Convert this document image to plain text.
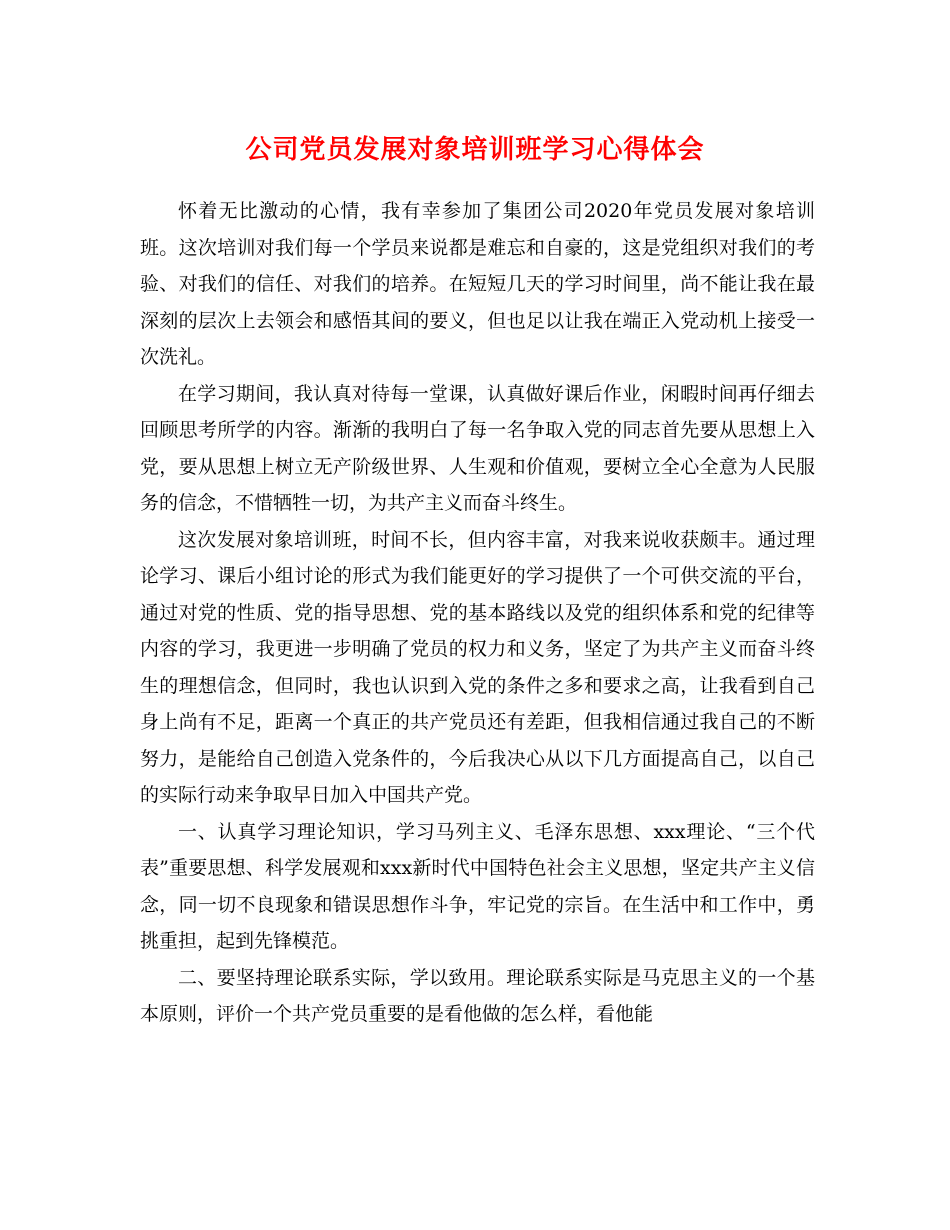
公司党员发展对象培训班学习心得体会

怀着无比激动的心情，我有幸参加了集团公司2020年党员发展对象培训班。这次培训对我们每一个学员来说都是难忘和自豪的，这是党组织对我们的考验、对我们的信任、对我们的培养。在短短几天的学习时间里，尚不能让我在最深刻的层次上去领会和感悟其间的要义，但也足以让我在端正入党动机上接受一次洗礼。

在学习期间，我认真对待每一堂课，认真做好课后作业，闲暇时间再仔细去回顾思考所学的内容。渐渐的我明白了每一名争取入党的同志首先要从思想上入党，要从思想上树立无产阶级世界、人生观和价值观，要树立全心全意为人民服务的信念，不惜牺牲一切，为共产主义而奋斗终生。

这次发展对象培训班，时间不长，但内容丰富，对我来说收获颇丰。通过理论学习、课后小组讨论的形式为我们能更好的学习提供了一个可供交流的平台，通过对党的性质、党的指导思想、党的基本路线以及党的组织体系和党的纪律等内容的学习，我更进一步明确了党员的权力和义务，坚定了为共产主义而奋斗终生的理想信念，但同时，我也认识到入党的条件之多和要求之高，让我看到自己身上尚有不足，距离一个真正的共产党员还有差距，但我相信通过我自己的不断努力，是能给自己创造入党条件的，今后我决心从以下几方面提高自己，以自己的实际行动来争取早日加入中国共产党。

一、认真学习理论知识，学习马列主义、毛泽东思想、xxx理论、“三个代表”重要思想、科学发展观和xxx新时代中国特色社会主义思想，坚定共产主义信念，同一切不良现象和错误思想作斗争，牢记党的宗旨。在生活中和工作中，勇挑重担，起到先锋模范。

二、要坚持理论联系实际，学以致用。理论联系实际是马克思主义的一个基本原则，评价一个共产党员重要的是看他做的怎么样，看他能
